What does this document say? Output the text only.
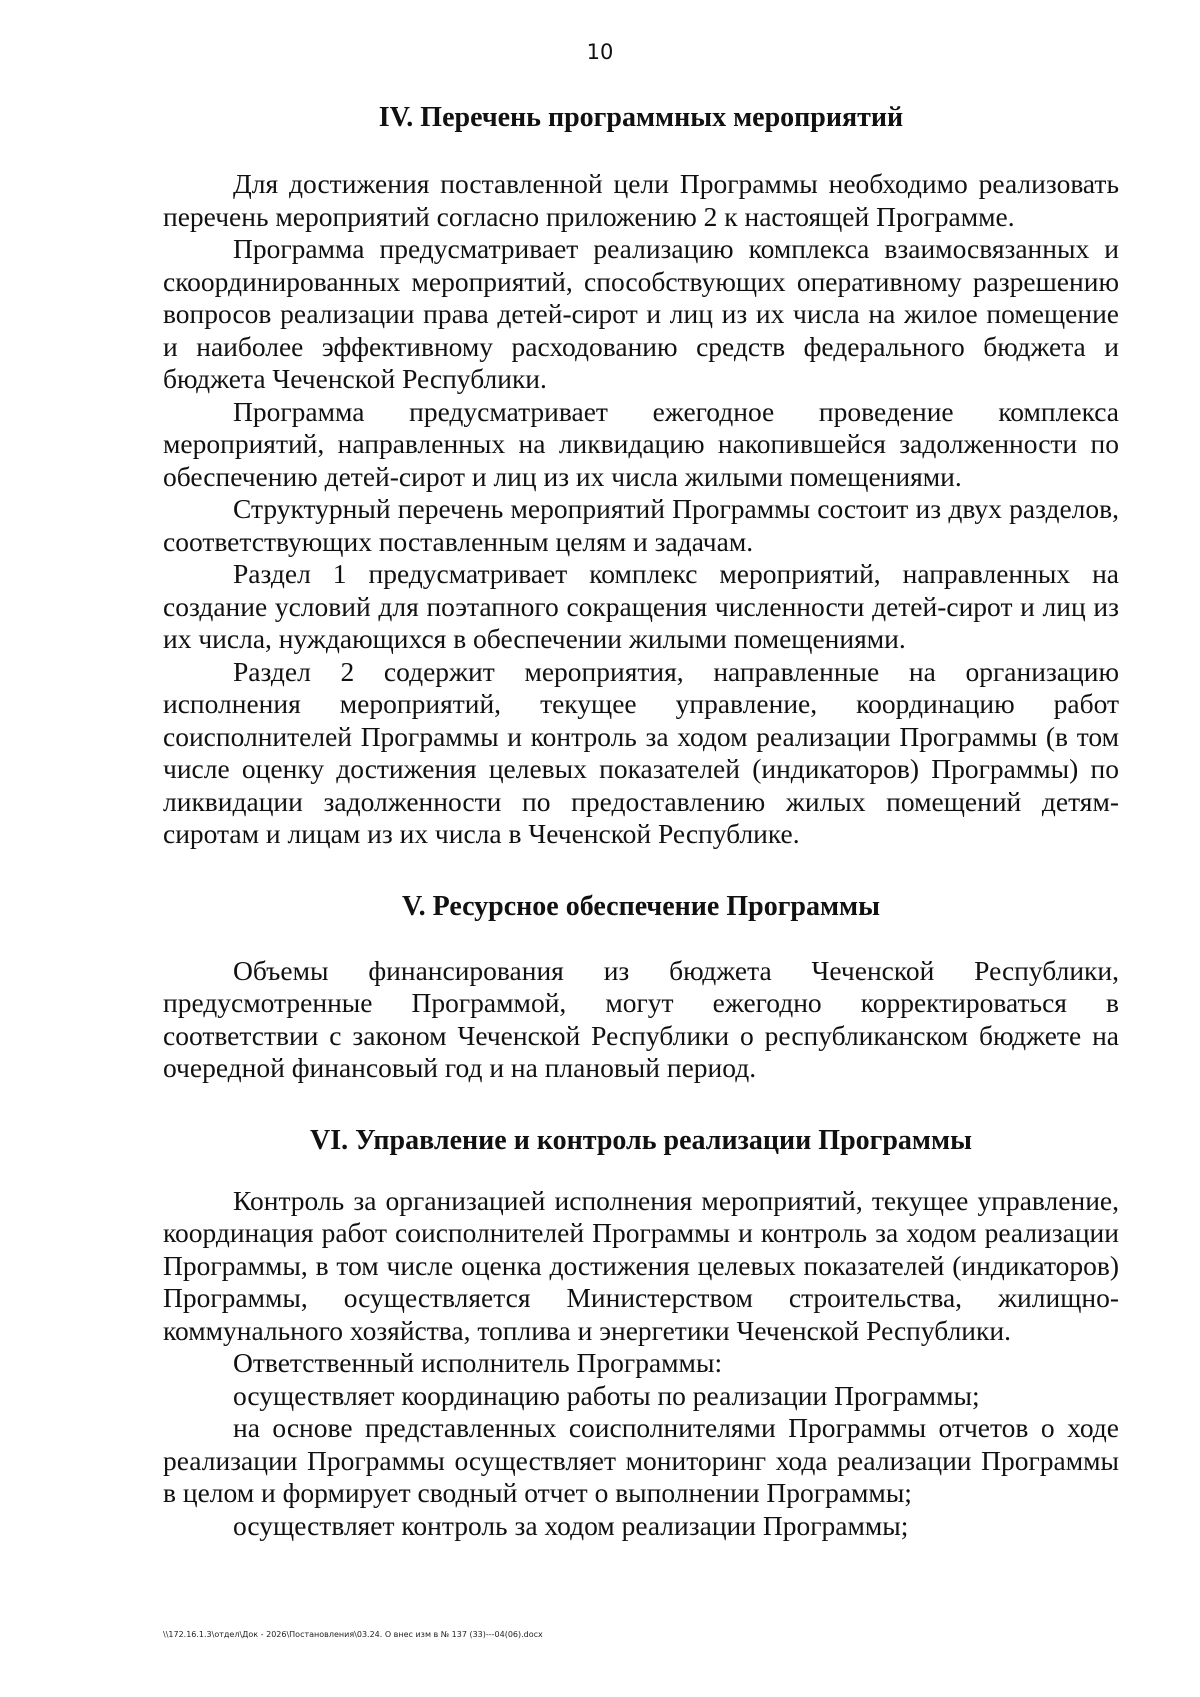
10
IV. Перечень программных мероприятий

Для достижения поставленной цели Программы необходимо реализовать перечень мероприятий согласно приложению 2 к настоящей Программе.

Программа предусматривает реализацию комплекса взаимосвязанных и скоординированных мероприятий, способствующих оперативному разрешению вопросов реализации права детей-сирот и лиц из их числа на жилое помещение и наиболее эффективному расходованию средств федерального бюджета и бюджета Чеченской Республики.

Программа предусматривает ежегодное проведение комплекса мероприятий, направленных на ликвидацию накопившейся задолженности по обеспечению детей-сирот и лиц из их числа жилыми помещениями.

Структурный перечень мероприятий Программы состоит из двух разделов, соответствующих поставленным целям и задачам.

Раздел 1 предусматривает комплекс мероприятий, направленных на создание условий для поэтапного сокращения численности детей-сирот и лиц из их числа, нуждающихся в обеспечении жилыми помещениями.

Раздел 2 содержит мероприятия, направленные на организацию исполнения мероприятий, текущее управление, координацию работ соисполнителей Программы и контроль за ходом реализации Программы (в том числе оценку достижения целевых показателей (индикаторов) Программы) по ликвидации задолженности по предоставлению жилых помещений детям-сиротам и лицам из их числа в Чеченской Республике.

V. Ресурсное обеспечение Программы

Объемы финансирования из бюджета Чеченской Республики, предусмотренные Программой, могут ежегодно корректироваться в соответствии с законом Чеченской Республики о республиканском бюджете на очередной финансовый год и на плановый период.

VI. Управление и контроль реализации Программы

Контроль за организацией исполнения мероприятий, текущее управление, координация работ соисполнителей Программы и контроль за ходом реализации Программы, в том числе оценка достижения целевых показателей (индикаторов) Программы, осуществляется Министерством строительства, жилищно-коммунального хозяйства, топлива и энергетики Чеченской Республики.

Ответственный исполнитель Программы:

осуществляет координацию работы по реализации Программы;

на основе представленных соисполнителями Программы отчетов о ходе реализации Программы осуществляет мониторинг хода реализации Программы в целом и формирует сводный отчет о выполнении Программы;

осуществляет контроль за ходом реализации Программы;

\\172.16.1.3\отдел\Док - 2026\Постановления\03.24. О внес изм в № 137 (33)---04(06).docx
